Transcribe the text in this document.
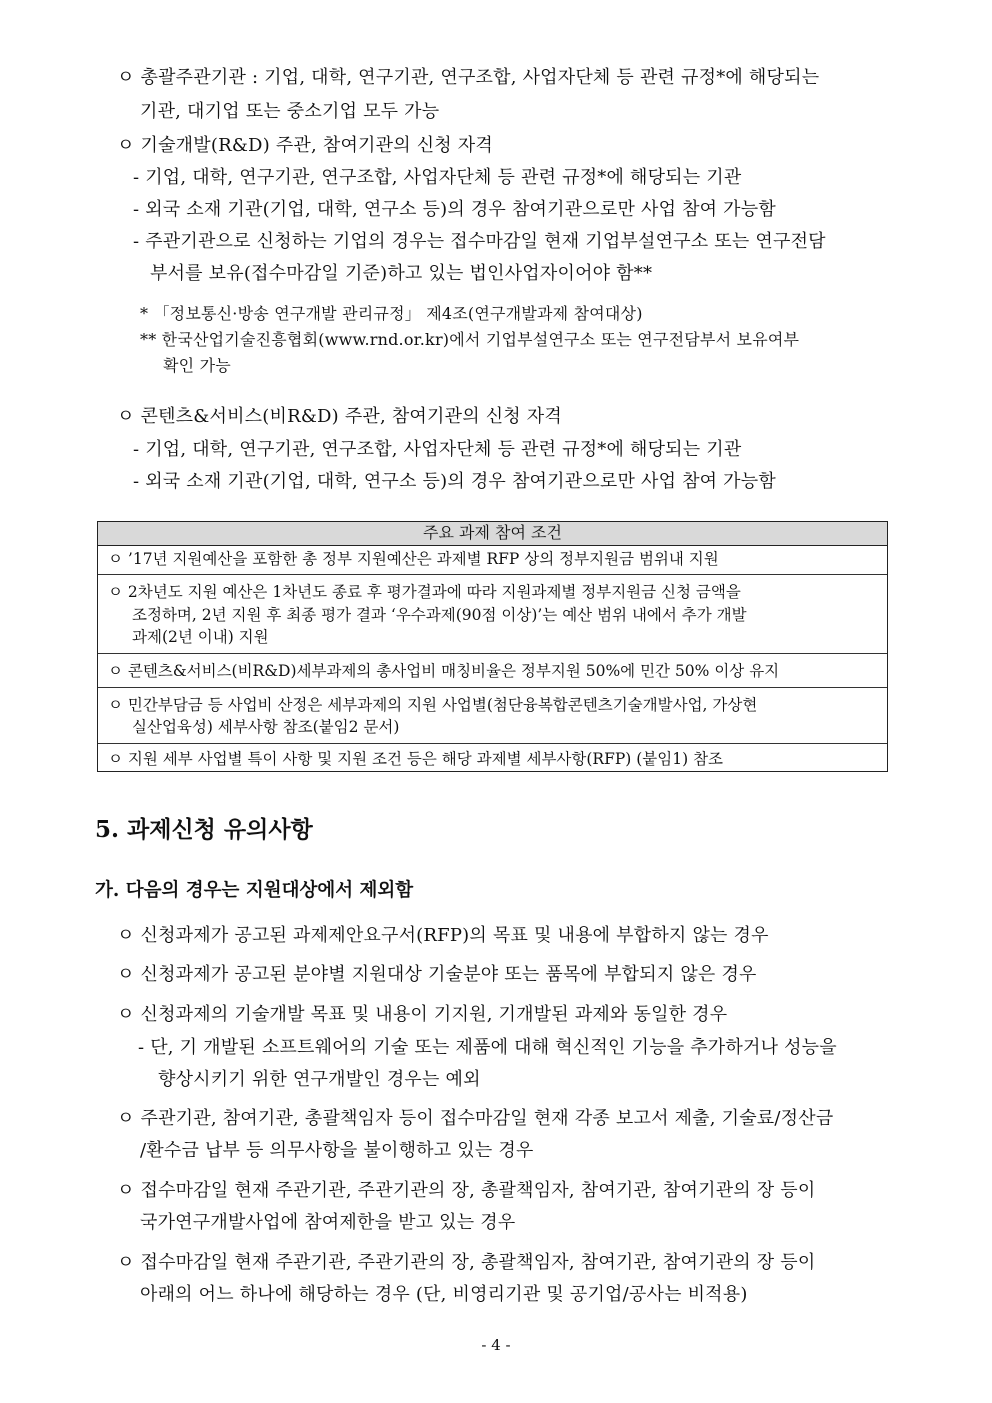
ㅇ 총괄주관기관 : 기업, 대학, 연구기관, 연구조합, 사업자단체 등 관련 규정*에 해당되는
기관, 대기업 또는 중소기업 모두 가능
ㅇ 기술개발(R&D) 주관, 참여기관의 신청 자격
- 기업, 대학, 연구기관, 연구조합, 사업자단체 등 관련 규정*에 해당되는 기관
- 외국 소재 기관(기업, 대학, 연구소 등)의 경우 참여기관으로만 사업 참여 가능함
- 주관기관으로 신청하는 기업의 경우는 접수마감일 현재 기업부설연구소 또는 연구전담
부서를 보유(접수마감일 기준)하고 있는 법인사업자이어야 함**
* 「정보통신·방송 연구개발 관리규정」 제4조(연구개발과제 참여대상)
** 한국산업기술진흥협회(www.rnd.or.kr)에서 기업부설연구소 또는 연구전담부서 보유여부
확인 가능
ㅇ 콘텐츠&서비스(비R&D) 주관, 참여기관의 신청 자격
- 기업, 대학, 연구기관, 연구조합, 사업자단체 등 관련 규정*에 해당되는 기관
- 외국 소재 기관(기업, 대학, 연구소 등)의 경우 참여기관으로만 사업 참여 가능함
주요 과제 참여 조건
ㅇ ’17년 지원예산을 포함한 총 정부 지원예산은 과제별 RFP 상의 정부지원금 범위내 지원
ㅇ 2차년도 지원 예산은 1차년도 종료 후 평가결과에 따라 지원과제별 정부지원금 신청 금액을
조정하며, 2년 지원 후 최종 평가 결과 ‘우수과제(90점 이상)’는 예산 범위 내에서 추가 개발
과제(2년 이내) 지원
ㅇ 콘텐츠&서비스(비R&D)세부과제의 총사업비 매칭비율은 정부지원 50%에 민간 50% 이상 유지
ㅇ 민간부담금 등 사업비 산정은 세부과제의 지원 사업별(첨단융복합콘텐츠기술개발사업, 가상현
실산업육성) 세부사항 참조(붙임2 문서)
ㅇ 지원 세부 사업별 특이 사항 및 지원 조건 등은 해당 과제별 세부사항(RFP) (붙임1) 참조
5. 과제신청 유의사항
가. 다음의 경우는 지원대상에서 제외함
ㅇ 신청과제가 공고된 과제제안요구서(RFP)의 목표 및 내용에 부합하지 않는 경우
ㅇ 신청과제가 공고된 분야별 지원대상 기술분야 또는 품목에 부합되지 않은 경우
ㅇ 신청과제의 기술개발 목표 및 내용이 기지원, 기개발된 과제와 동일한 경우
- 단, 기 개발된 소프트웨어의 기술 또는 제품에 대해 혁신적인 기능을 추가하거나 성능을
향상시키기 위한 연구개발인 경우는 예외
ㅇ 주관기관, 참여기관, 총괄책임자 등이 접수마감일 현재 각종 보고서 제출, 기술료/정산금
/환수금 납부 등 의무사항을 불이행하고 있는 경우
ㅇ 접수마감일 현재 주관기관, 주관기관의 장, 총괄책임자, 참여기관, 참여기관의 장 등이
국가연구개발사업에 참여제한을 받고 있는 경우
ㅇ 접수마감일 현재 주관기관, 주관기관의 장, 총괄책임자, 참여기관, 참여기관의 장 등이
아래의 어느 하나에 해당하는 경우 (단, 비영리기관 및 공기업/공사는 비적용)
- 4 -
